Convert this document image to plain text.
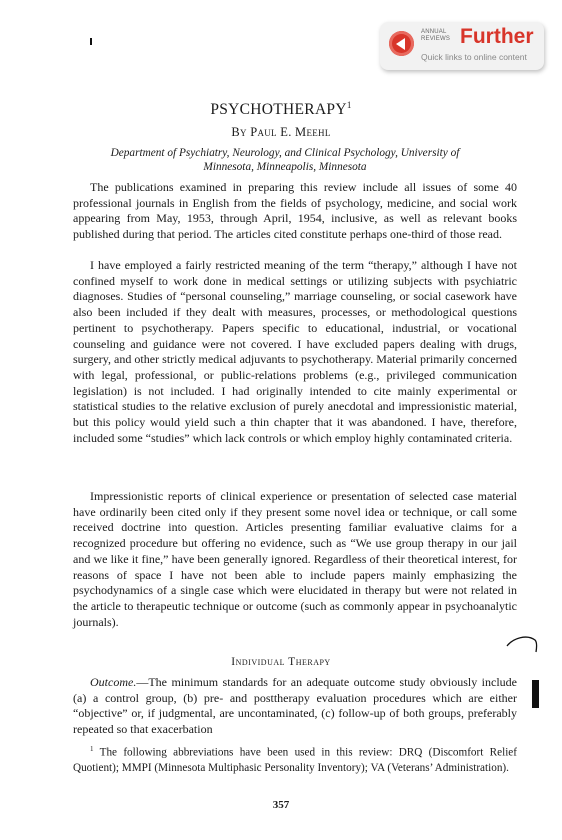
ANNUAL
REVIEWS Further
Quick links to online content
PSYCHOTHERAPY$^1$
By Paul E. Meehl
Department of Psychiatry, Neurology, and Clinical Psychology, University of Minnesota, Minneapolis, Minnesota

The publications examined in preparing this review include all issues of some 40 professional journals in English from the fields of psychology, medicine, and social work appearing from May, 1953, through April, 1954, inclusive, as well as relevant books published during that period. The articles cited constitute perhaps one-third of those read.

I have employed a fairly restricted meaning of the term “therapy,” although I have not confined myself to work done in medical settings or utilizing subjects with psychiatric diagnoses. Studies of “personal counseling,” marriage counseling, or social casework have also been included if they dealt with measures, processes, or methodological questions pertinent to psychotherapy. Papers specific to educational, industrial, or vocational counseling and guidance were not covered. I have excluded papers dealing with drugs, surgery, and other strictly medical adjuvants to psychotherapy. Material primarily concerned with legal, professional, or public-relations problems (e.g., privileged communication legislation) is not included. I had originally intended to cite mainly experimental or statistical studies to the relative exclusion of purely anecdotal and impressionistic material, but this policy would yield such a thin chapter that it was abandoned. I have, therefore, included some “studies” which lack controls or which employ highly contaminated criteria.

Impressionistic reports of clinical experience or presentation of selected case material have ordinarily been cited only if they present some novel idea or technique, or call some received doctrine into question. Articles presenting familiar evaluative claims for a recognized procedure but offering no evidence, such as “We use group therapy in our jail and we like it fine,” have been generally ignored. Regardless of their theoretical interest, for reasons of space I have not been able to include papers mainly emphasizing the psychodynamics of a single case which were elucidated in therapy but were not related in the article to therapeutic technique or outcome (such as commonly appear in psychoanalytic journals).

Individual Therapy

Outcome.—The minimum standards for an adequate outcome study obviously include (a) a control group, (b) pre- and posttherapy evaluation procedures which are either “objective” or, if judgmental, are uncontaminated, (c) follow-up of both groups, preferably repeated so that exacerbation

$^1$ The following abbreviations have been used in this review: DRQ (Discomfort Relief Quotient); MMPI (Minnesota Multiphasic Personality Inventory); VA (Veterans’ Administration).
357
